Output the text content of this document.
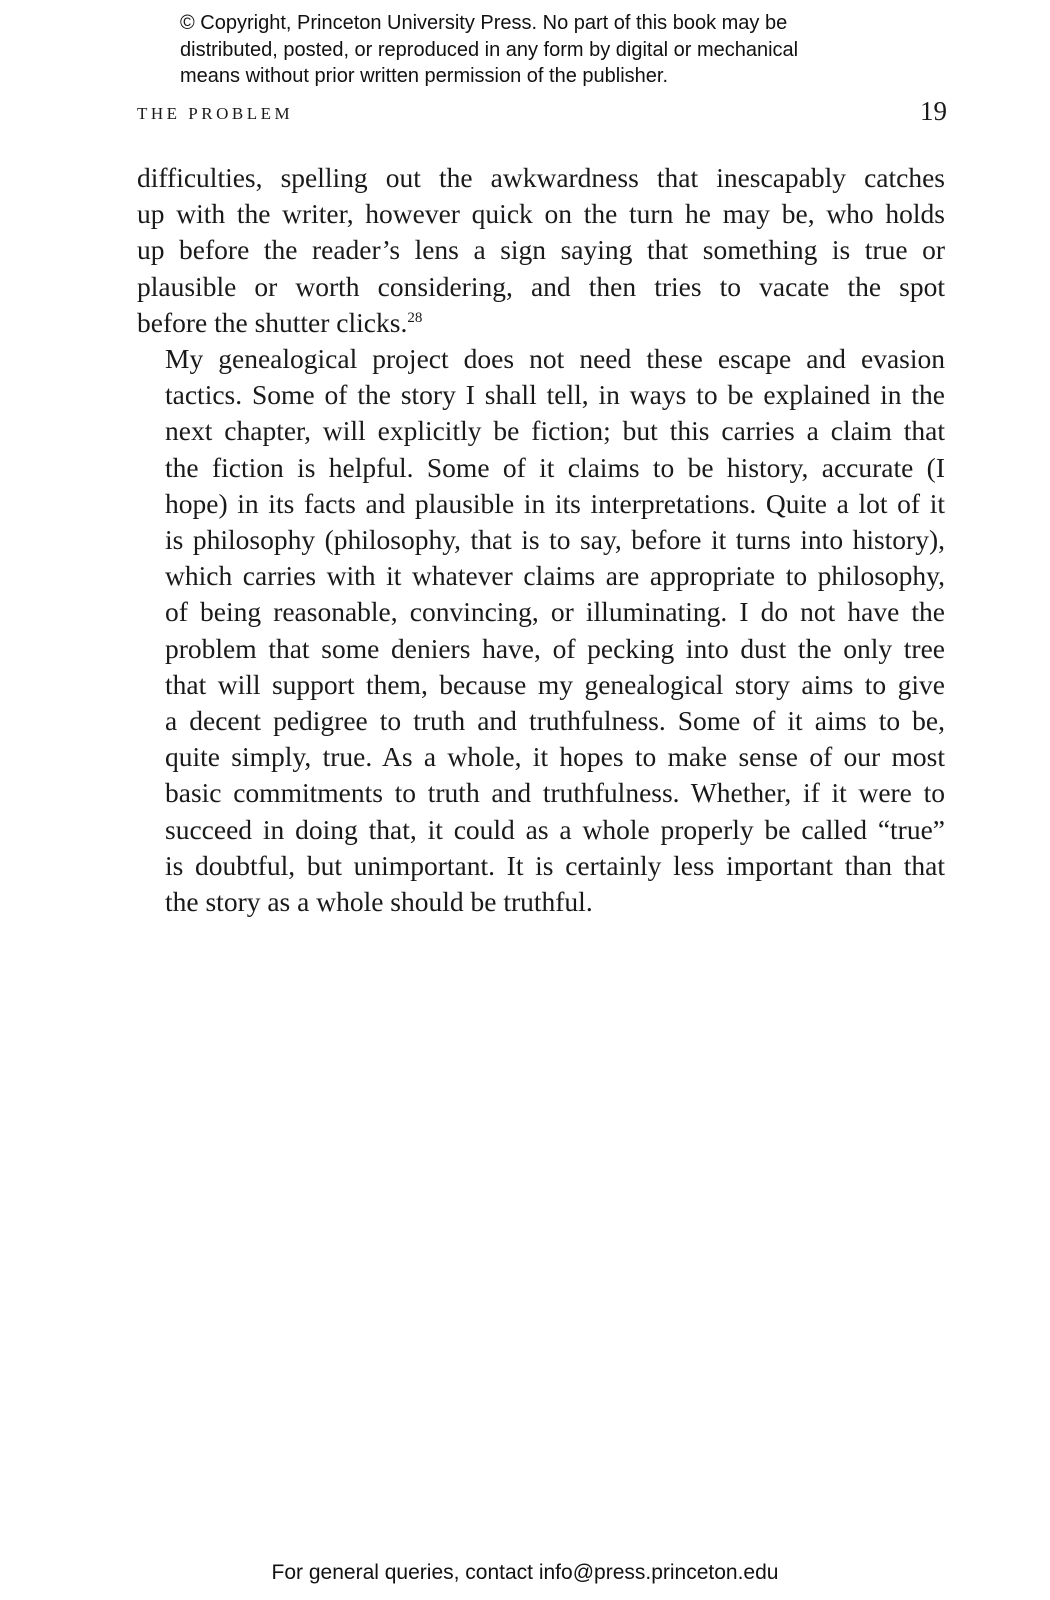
© Copyright, Princeton University Press. No part of this book may be
distributed, posted, or reproduced in any form by digital or mechanical
means without prior written permission of the publisher.
THE PROBLEM	19

difficulties, spelling out the awkwardness that inescapably catches
up with the writer, however quick on the turn he may be, who holds
up before the reader’s lens a sign saying that something is true or
plausible or worth considering, and then tries to vacate the spot
before the shutter clicks.$^{28}$

My genealogical project does not need these escape and evasion
tactics. Some of the story I shall tell, in ways to be explained in the
next chapter, will explicitly be fiction; but this carries a claim that
the fiction is helpful. Some of it claims to be history, accurate (I
hope) in its facts and plausible in its interpretations. Quite a lot of it
is philosophy (philosophy, that is to say, before it turns into history),
which carries with it whatever claims are appropriate to philosophy,
of being reasonable, convincing, or illuminating. I do not have the
problem that some deniers have, of pecking into dust the only tree
that will support them, because my genealogical story aims to give
a decent pedigree to truth and truthfulness. Some of it aims to be,
quite simply, true. As a whole, it hopes to make sense of our most
basic commitments to truth and truthfulness. Whether, if it were to
succeed in doing that, it could as a whole properly be called “true”
is doubtful, but unimportant. It is certainly less important than that
the story as a whole should be truthful.

For general queries, contact info@press.princeton.edu
